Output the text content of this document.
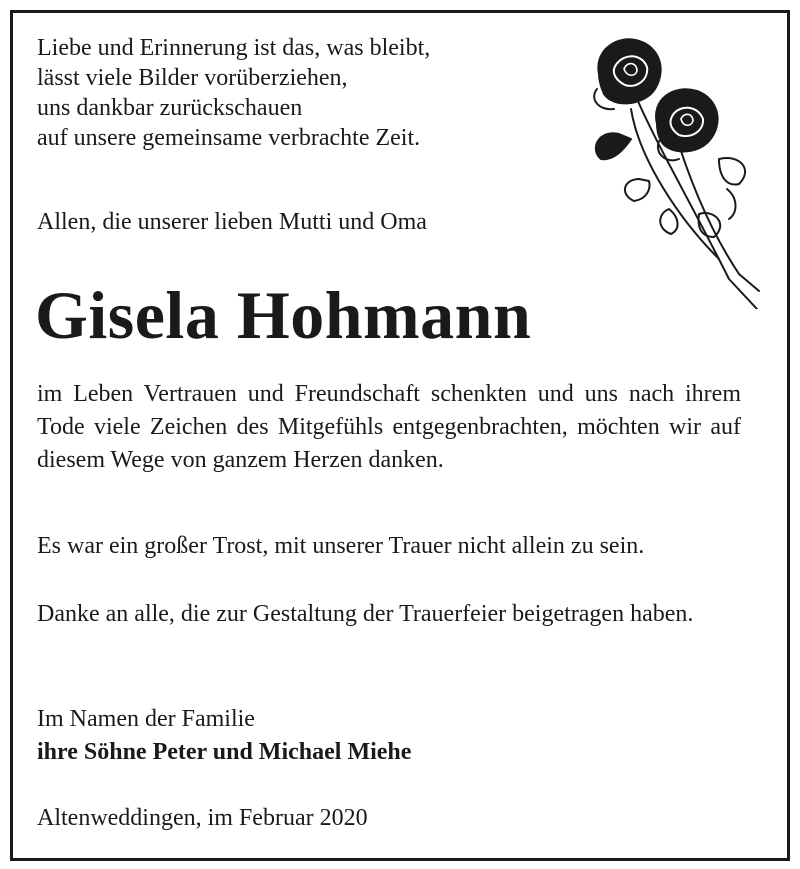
Liebe und Erinnerung ist das, was bleibt,
lässt viele Bilder vorüberziehen,
uns dankbar zurückschauen
auf unsere gemeinsame verbrachte Zeit.
Allen, die unserer lieben Mutti und Oma
Gisela Hohmann
im Leben Vertrauen und Freundschaft schenkten und uns nach ihrem Tode viele Zeichen des Mitgefühls entgegenbrachten, möchten wir auf diesem Wege von ganzem Herzen danken.
Es war ein großer Trost, mit unserer Trauer nicht allein zu sein.
Danke an alle, die zur Gestaltung der Trauerfeier beigetragen haben.
Im Namen der Familie
ihre Söhne Peter und Michael Miehe
Altenweddingen, im Februar 2020
